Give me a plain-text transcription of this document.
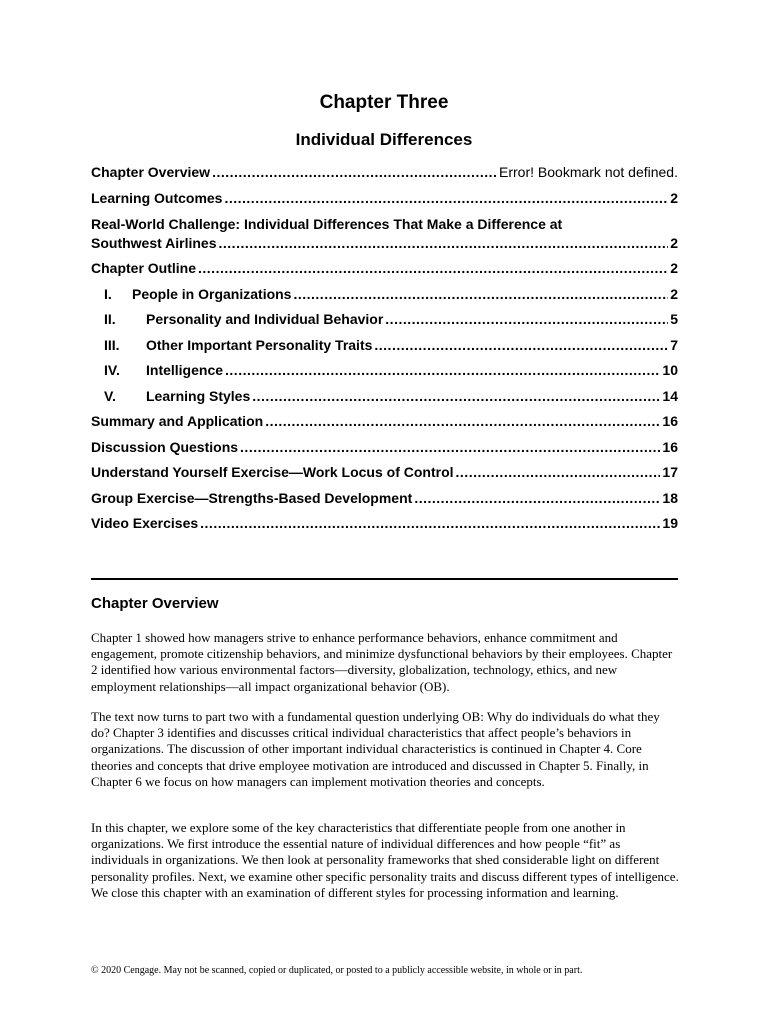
Chapter Three
Individual Differences
Chapter Overview .....	Error! Bookmark not defined.
Learning Outcomes .....	2
Real-World Challenge: Individual Differences That Make a Difference at
Southwest Airlines .....	2
Chapter Outline .....	2
I. People in Organizations .....	2
II. Personality and Individual Behavior .....	5
III. Other Important Personality Traits .....	7
IV. Intelligence .....	10
V. Learning Styles .....	14
Summary and Application .....	16
Discussion Questions .....	16
Understand Yourself Exercise—Work Locus of Control .....	17
Group Exercise—Strengths-Based Development .....	18
Video Exercises .....	19
Chapter Overview

Chapter 1 showed how managers strive to enhance performance behaviors, enhance commitment and engagement, promote citizenship behaviors, and minimize dysfunctional behaviors by their employees. Chapter 2 identified how various environmental factors—diversity, globalization, technology, ethics, and new employment relationships—all impact organizational behavior (OB).

The text now turns to part two with a fundamental question underlying OB: Why do individuals do what they do? Chapter 3 identifies and discusses critical individual characteristics that affect people’s behaviors in organizations. The discussion of other important individual characteristics is continued in Chapter 4. Core theories and concepts that drive employee motivation are introduced and discussed in Chapter 5. Finally, in Chapter 6 we focus on how managers can implement motivation theories and concepts.

In this chapter, we explore some of the key characteristics that differentiate people from one another in organizations. We first introduce the essential nature of individual differences and how people “fit” as individuals in organizations. We then look at personality frameworks that shed considerable light on different personality profiles. Next, we examine other specific personality traits and discuss different types of intelligence. We close this chapter with an examination of different styles for processing information and learning.

© 2020 Cengage. May not be scanned, copied or duplicated, or posted to a publicly accessible website, in whole or in part.
